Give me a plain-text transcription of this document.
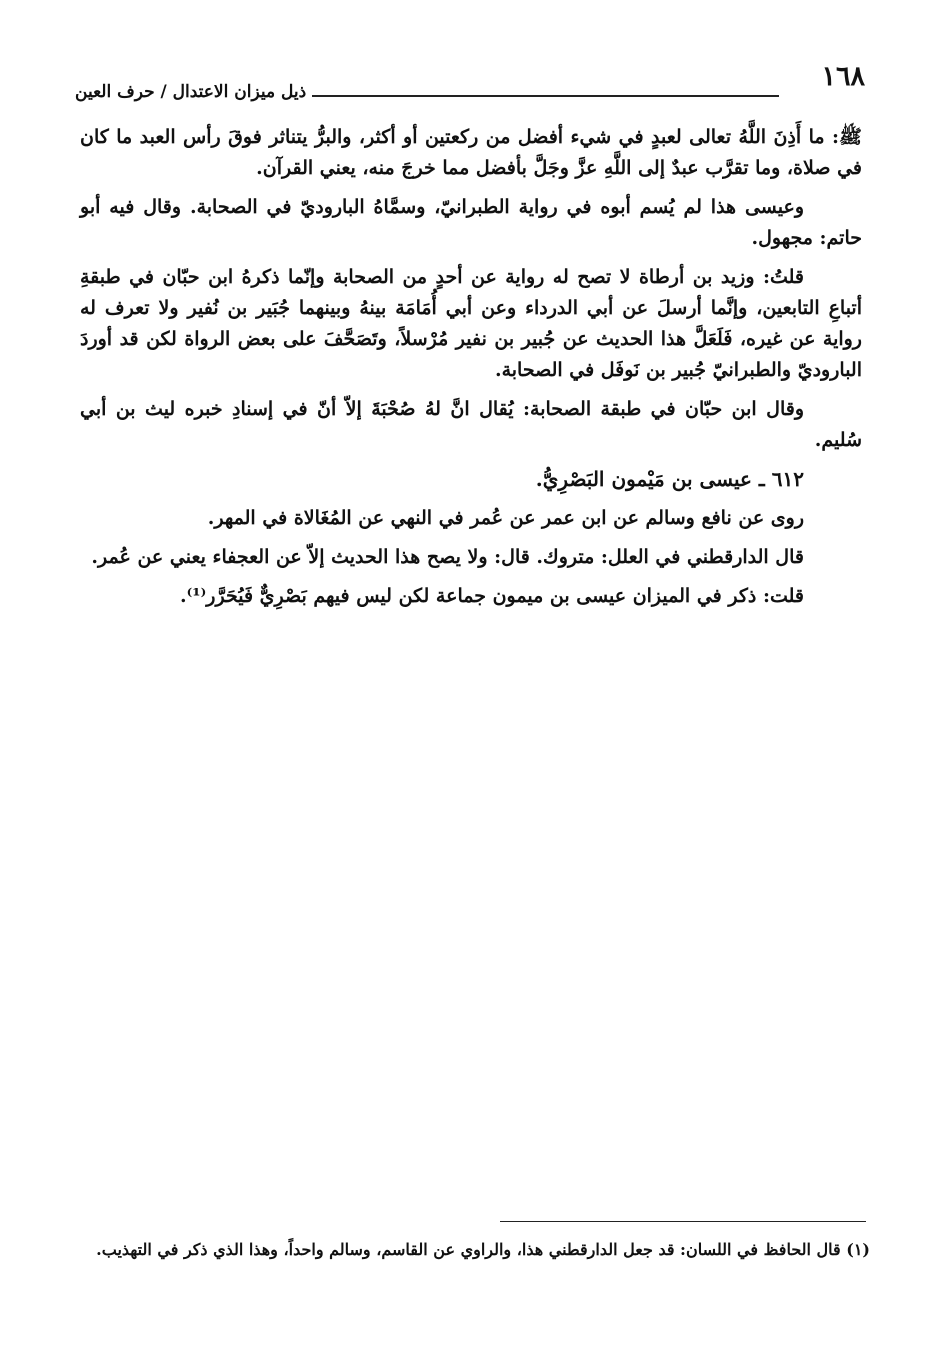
١٦٨
ذيل ميزان الاعتدال / حرف العين

ﷺ: ما أَذِنَ اللَّهُ تعالى لعبدٍ في شيء أفضل من ركعتين أو أكثر، والبرُّ يتناثر فوقَ رأس العبد ما كان في صلاة، وما تقرَّب عبدٌ إلى اللَّهِ عزَّ وجَلَّ بأفضل مما خرجَ منه، يعني القرآن.

وعيسى هذا لم يُسم أبوه في رواية الطبرانيّ، وسمَّاهُ الباروديّ في الصحابة. وقال فيه أبو حاتم: مجهول.

قلتُ: وزيد بن أرطاة لا تصح له رواية عن أحدٍ من الصحابة وإنّما ذكرهُ ابن حبّان في طبقةِ أتباعِ التابعين، وإنَّما أرسلَ عن أبي الدرداء وعن أبي أُمَامَة بينهُ وبينهما جُبَير بن نُفير ولا تعرف له رواية عن غيره، فَلَعَلَّ هذا الحديث عن جُبير بن نفير مُرْسلاً، وتَصَحَّفَ على بعض الرواة لكن قد أوردَ الباروديّ والطبرانيّ جُبير بن نَوفَل في الصحابة.

وقال ابن حبّان في طبقة الصحابة: يُقال انَّ لهُ صُحْبَةَ إلاّ أنّ في إسنادِ خبره ليث بن أبي سُليم.

٦١٢ ـ عيسى بن مَيْمون البَصْرِيُّ.

روى عن نافع وسالم عن ابن عمر عن عُمر في النهي عن المُغَالاة في المهر.

قال الدارقطني في العلل: متروك. قال: ولا يصح هذا الحديث إلاّ عن العجفاء يعني عن عُمر.

قلت: ذكر في الميزان عيسى بن ميمون جماعة لكن ليس فيهم بَصْرِيٌّ فَيُحَرَّر⁽¹⁾.

(١) قال الحافظ في اللسان: قد جعل الدارقطني هذا، والراوي عن القاسم، وسالم واحداً، وهذا الذي ذكر في التهذيب.
